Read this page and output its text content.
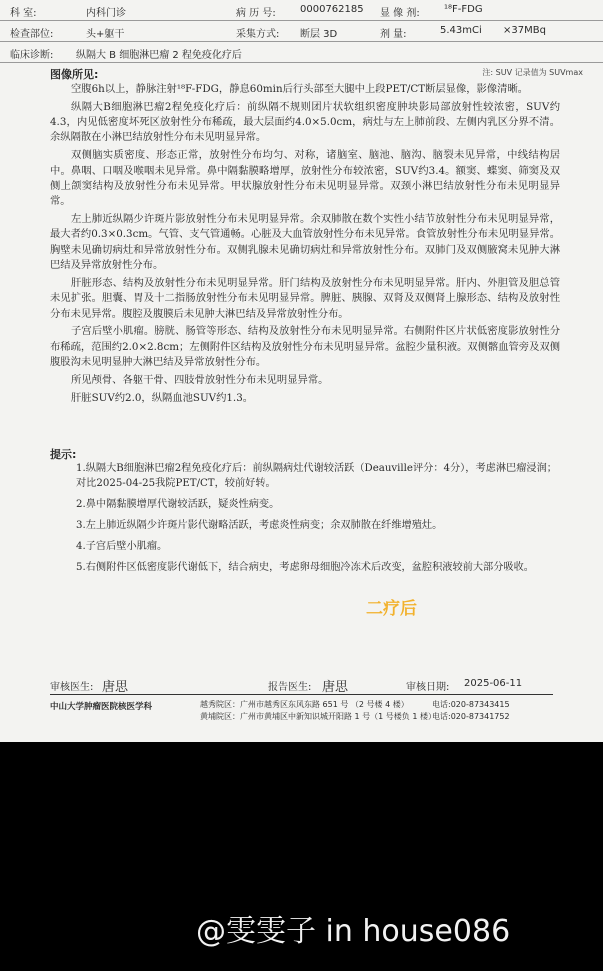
科 室:	内科门诊	病 历 号: 0000762185 显 像 剂: ¹⁸F-FDG
检查部位:	头+躯干	采集方式: 断层 3D	剂 量:	5.43mCi ×37MBq
临床诊断: 纵隔大 B 细胞淋巴瘤 2 程免疫化疗后
图像所见:	注: SUV 记录值为 SUVmax

空腹6h以上，静脉注射¹⁸F-FDG，静息60min后行头部至大腿中上段PET/CT断层显像，影像清晰。

纵隔大B细胞淋巴瘤2程免疫化疗后：前纵隔不规则团片状软组织密度肿块影局部放射性较浓密，SUV约4.3，内见低密度坏死区放射性分布稀疏，最大层面约4.0×5.0cm，病灶与左上肺前段、左侧内乳区分界不清。余纵隔散在小淋巴结放射性分布未见明显异常。

双侧脑实质密度、形态正常，放射性分布均匀、对称，诸脑室、脑池、脑沟、脑裂未见异常，中线结构居中。鼻咽、口咽及喉咽未见异常。鼻中隔黏膜略增厚，放射性分布较浓密，SUV约3.4。额窦、蝶窦、筛窦及双侧上颌窦结构及放射性分布未见异常。甲状腺放射性分布未见明显异常。双颈小淋巴结放射性分布未见明显异常。

左上肺近纵隔少许斑片影放射性分布未见明显异常。余双肺散在数个实性小结节放射性分布未见明显异常，最大者约0.3×0.3cm。气管、支气管通畅。心脏及大血管放射性分布未见异常。食管放射性分布未见明显异常。胸壁未见确切病灶和异常放射性分布。双侧乳腺未见确切病灶和异常放射性分布。双肺门及双侧腋窝未见肿大淋巴结及异常放射性分布。

肝脏形态、结构及放射性分布未见明显异常。肝门结构及放射性分布未见明显异常。肝内、外胆管及胆总管未见扩张。胆囊、胃及十二指肠放射性分布未见明显异常。脾脏、胰腺、双肾及双侧肾上腺形态、结构及放射性分布未见异常。腹腔及腹膜后未见肿大淋巴结及异常放射性分布。

子宫后壁小肌瘤。膀胱、肠管等形态、结构及放射性分布未见明显异常。右侧附件区片状低密度影放射性分布稀疏，范围约2.0×2.8cm；左侧附件区结构及放射性分布未见明显异常。盆腔少量积液。双侧髂血管旁及双侧腹股沟未见明显肿大淋巴结及异常放射性分布。

所见颅骨、各躯干骨、四肢骨放射性分布未见明显异常。

肝脏SUV约2.0，纵隔血池SUV约1.3。

提示:

1.纵隔大B细胞淋巴瘤2程免疫化疗后：前纵隔病灶代谢较活跃（Deauville评分：4分），考虑淋巴瘤浸润；对比2025-04-25我院PET/CT，较前好转。

2.鼻中隔黏膜增厚代谢较活跃，疑炎性病变。

3.左上肺近纵隔少许斑片影代谢略活跃，考虑炎性病变；余双肺散在纤维增殖灶。

4.子宫后壁小肌瘤。

5.右侧附件区低密度影代谢低下，结合病史，考虑卵母细胞冷冻术后改变，盆腔积液较前大部分吸收。

二疗后
审核医生: 唐思	报告医生: 唐思	审核日期: 2025-06-11
中山大学肿瘤医院核医学科	越秀院区：广州市越秀区东风东路 651 号 （2 号楼 4 楼）	电话:020-87343415
黄埔院区：广州市黄埔区中新知识城开阳路 1 号（1 号楼负 1 楼）
电话:020-87341752
@雯雯子 in house086
